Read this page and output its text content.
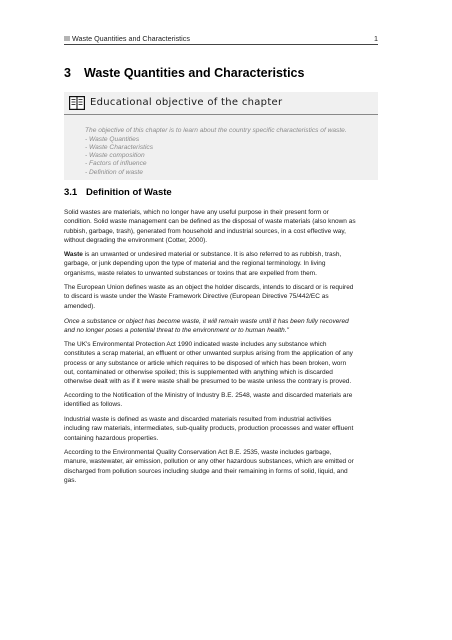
III Waste Quantities and Characteristics	1
3 Waste Quantities and Characteristics
Educational objective of the chapter
The objective of this chapter is to learn about the country specific characteristics of waste.
- Waste Quantities
- Waste Characteristics
- Waste composition
- Factors of influence
- Definition of waste
3.1 Definition of Waste

Solid wastes are materials, which no longer have any useful purpose in their present form or

condition. Solid waste management can be defined as the disposal of waste materials (also known as

rubbish, garbage, trash), generated from household and industrial sources, in a cost effective way,

without degrading the environment (Cotter, 2000).

Waste is an unwanted or undesired material or substance. It is also referred to as rubbish, trash,

garbage, or junk depending upon the type of material and the regional terminology. In living

organisms, waste relates to unwanted substances or toxins that are expelled from them.

The European Union defines waste as an object the holder discards, intends to discard or is required

to discard is waste under the Waste Framework Directive (European Directive 75/442/EC as

amended).

Once a substance or object has become waste, it will remain waste until it has been fully recovered

and no longer poses a potential threat to the environment or to human health."

The UK's Environmental Protection Act 1990 indicated waste includes any substance which

constitutes a scrap material, an effluent or other unwanted surplus arising from the application of any

process or any substance or article which requires to be disposed of which has been broken, worn

out, contaminated or otherwise spoiled; this is supplemented with anything which is discarded

otherwise dealt with as if it were waste shall be presumed to be waste unless the contrary is proved.

According to the Notification of the Ministry of Industry B.E. 2548, waste and discarded materials are

identified as follows.

Industrial waste is defined as waste and discarded materials resulted from industrial activities

including raw materials, intermediates, sub-quality products, production processes and water effluent

containing hazardous properties.

According to the Environmental Quality Conservation Act B.E. 2535, waste includes garbage,

manure, wastewater, air emission, pollution or any other hazardous substances, which are emitted or

discharged from pollution sources including sludge and their remaining in forms of solid, liquid, and

gas.
